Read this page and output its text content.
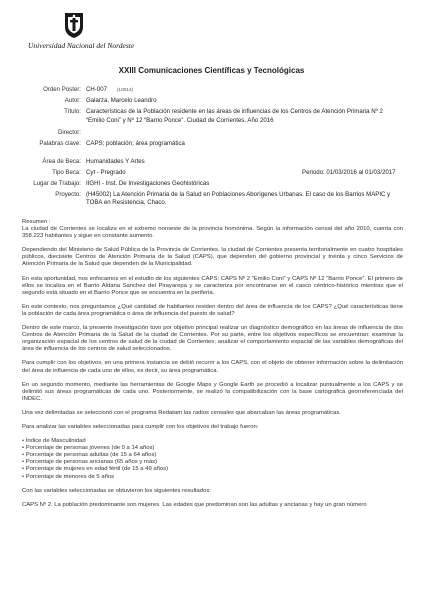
Universidad Nacional del Nordeste
XXIII Comunicaciones Científicas y Tecnológicas
Orden Poster: CH-007 (10014)
Autor: Galarza, Marcelo Leandro
Título: Características de la Población residente en las áreas de influencias de los Centros de Atención Primaria Nº 2 “Emilio Coni” y Nº 12 “Barrio Ponce”. Ciudad de Corrientes. Año 2016
Director:
Palabras clave: CAPS; población; área programática
Área de Beca: Humanidades Y Artes
Tipo Beca: Cyt - Pregrado	Periodo: 01/03/2016 al 01/03/2017
Lugar de Trabajo: IIGHI - Inst. De Investigaciones Geohistóricas
Proyecto: (H45002) La Atención Primaria de la Salud en Poblaciones Aborígenes Urbanas. El caso de los Barrios MAPIC y TOBA en Resistencia, Chaco.

Resumen :

La ciudad de Corrientes se localiza en el extremo noroeste de la provincia homónima. Según la información censal del año 2010, cuenta con 358.223 habitantes y sigue en constante aumento.

Dependiendo del Ministerio de Salud Pública de la Provincia de Corrientes, la ciudad de Corrientes presenta territorialmente en cuatro hospitales públicos, diecisiete Centros de Atención Primaria de la Salud (CAPS), que dependen del gobierno provincial y treinta y cinco Servicios de Atención Primaria de la Salud que dependen de la Municipalidad.

En esta oportunidad, nos enfocamos en el estudio de los siguientes CAPS: CAPS Nº 2 “Emilio Coni” y CAPS Nº 12 “Barrio Ponce”. El primero de ellos se localiza en el Barrio Aldana Sanchez del Pirayarepa y se caracteriza por encontrarse en el casco céntrico-histórico mientras que el segundo está situado en el Barrio Ponce que se encuentra en la periferia.

En este contexto, nos preguntamos ¿Qué cantidad de habitantes residen dentro del área de influencia de los CAPS? ¿Qué características tiene la población de cada área programática o área de influencia del puesto de salud?

Dentro de este marco, la presente investigación tuvo por objetivo principal realizar un diagnóstico demográfico en las áreas de influencia de dos Centros de Atención Primaria de la Salud de la ciudad de Corrientes. Por su parte, entre los objetivos específicos se encuentran: examinar la organización espacial de los centros de salud de la ciudad de Corrientes; analizar el comportamiento espacial de las variables demográficas del área de influencia de los centros de salud seleccionados.

Para cumplir con los objetivos, en una primera instancia se debió recurrir a los CAPS, con el objeto de obtener información sobre la delimitación del área de influencia de cada uno de ellos, es decir, su área programática.

En un segundo momento, mediante las herramientas de Google Maps y Google Earth se procedió a localizar puntualmente a los CAPS y se delimitó sus áreas programáticas de cada uno. Posteriormente, se realizó la compatibilización con la base cartográfica georreferenciada del INDEC.

Una vez delimitadas se seleccionó con el programa Redatam las radios censales que abarcaban las áreas programáticas.

Para analizar las variables seleccionadas para cumplir con los objetivos del trabajo fueron:

• Índice de Masculinidad
• Porcentaje de personas jóvenes (de 0 a 14 años)
• Porcentaje de personas adultas (de 15 a 64 años)
• Porcentaje de personas ancianas (65 años y más)
• Porcentaje de mujeres en edad fértil (de 15 a 49 años)
• Porcentaje de menores de 5 años

Con las variables seleccionadas se obtuvieron los siguientes resultados:

CAPS Nº 2. La población predominante son mujeres. Las edades que predominan son las adultas y ancianas y hay un gran número
